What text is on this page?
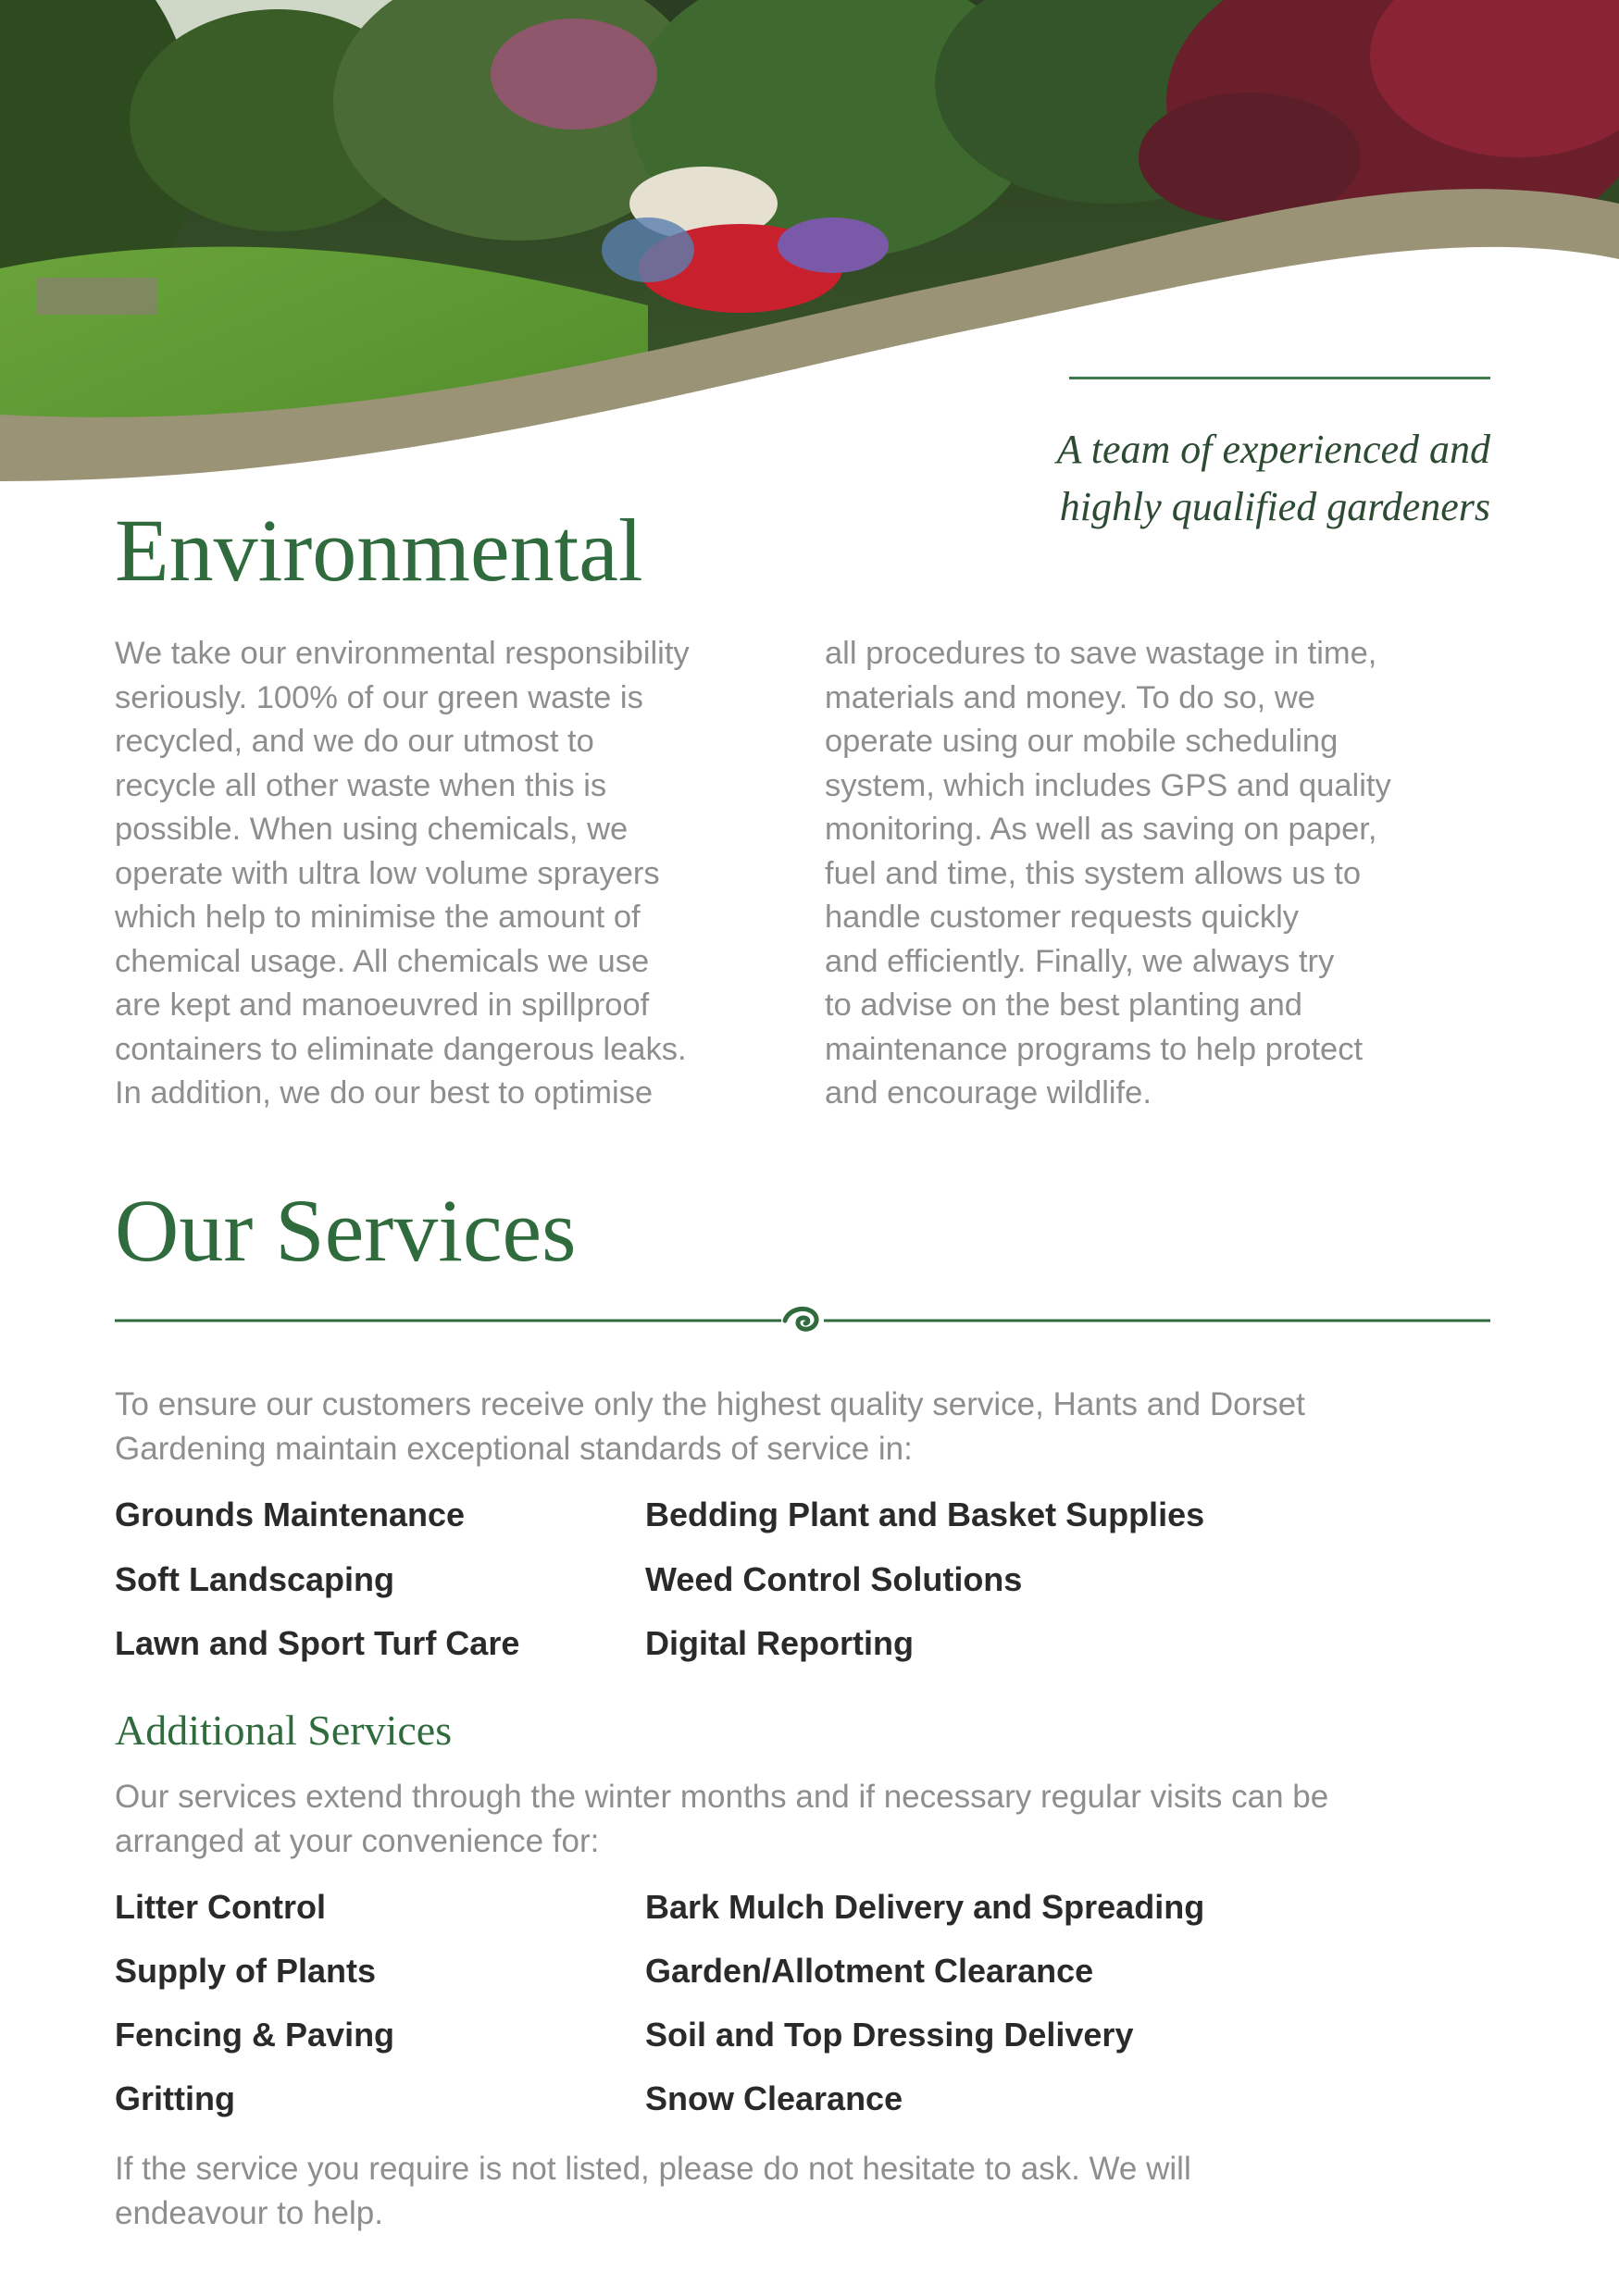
A team of experienced and
highly qualified gardeners
Environmental
We take our environmental responsibility
seriously. 100% of our green waste is
recycled, and we do our utmost to
recycle all other waste when this is
possible. When using chemicals, we
operate with ultra low volume sprayers
which help to minimise the amount of
chemical usage. All chemicals we use
are kept and manoeuvred in spillproof
containers to eliminate dangerous leaks.
In addition, we do our best to optimise
all procedures to save wastage in time,
materials and money. To do so, we
operate using our mobile scheduling
system, which includes GPS and quality
monitoring. As well as saving on paper,
fuel and time, this system allows us to
handle customer requests quickly
and efficiently. Finally, we always try
to advise on the best planting and
maintenance programs to help protect
and encourage wildlife.
Our Services
To ensure our customers receive only the highest quality service, Hants and Dorset
Gardening maintain exceptional standards of service in:
Grounds Maintenance
Soft Landscaping
Lawn and Sport Turf Care
Bedding Plant and Basket Supplies
Weed Control Solutions
Digital Reporting
Additional Services
Our services extend through the winter months and if necessary regular visits can be
arranged at your convenience for:
Litter Control
Supply of Plants
Fencing & Paving
Gritting
Bark Mulch Delivery and Spreading
Garden/Allotment Clearance
Soil and Top Dressing Delivery
Snow Clearance
If the service you require is not listed, please do not hesitate to ask. We will
endeavour to help.
